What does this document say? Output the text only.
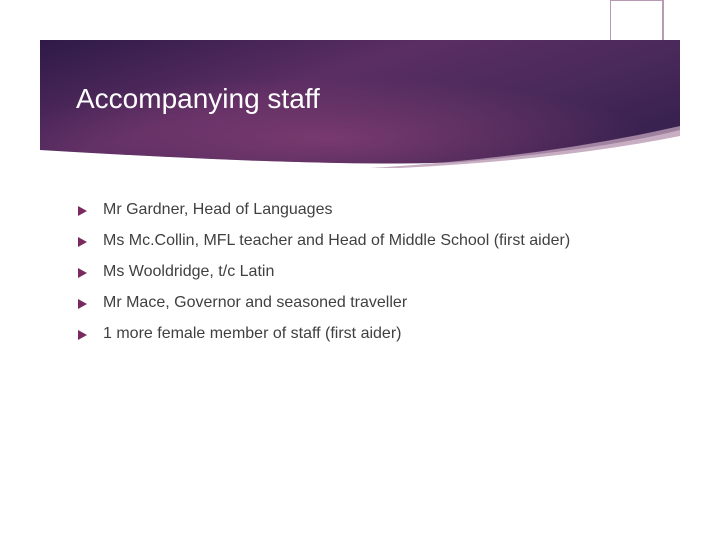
Accompanying staff
Mr Gardner, Head of Languages
Ms Mc.Collin, MFL teacher and Head of Middle School (first aider)
Ms Wooldridge, t/c Latin
Mr Mace, Governor and seasoned traveller
1 more female member of staff (first aider)
